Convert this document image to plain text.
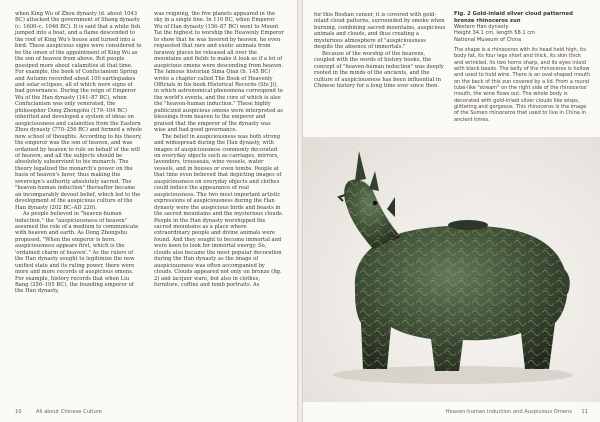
when King Wu of Zhou dynasty (d. about 1043 BC) attacked the government of Shang dynasty (c. 1600–c. 1046 BC). It is said that a white fish jumped into a boat, and a flame descended to the roof of King Wu's house and turned into a bird. These auspicious signs were considered to be the omen of the appointment of King Wu as the son of heaven from above. But people gossiped more about calamities at that time. For example, the book of Confucianism Spring and Autumn recorded about 100 earthquakes and solar eclipses, all of which were signs of bad governance. During the reign of Emperor Wu of the Han dynasty (141–87 BC), when Confucianism was only venerated, the philosopher Dong Zhongshu (179–104 BC) inherited and developed a system of ideas on auspiciousness and calamities from the Eastern Zhou dynasty (770–256 BC) and formed a whole new school of thoughts. According to his theory, the emperor was the son of heaven, and was ordained by heaven to rule on behalf of the will of heaven, and all the subjects should be absolutely subservient to his monarch. The theory legalized the monarch's power on the basis of heaven's favor, thus making the sovereign's authority absolutely sacred. The "heaven-human induction" thereafter became an incomparably devout belief, which led to the development of the auspicious culture of the Han dynasty (202 BC–AD 220).

As people believed in "heaven-human induction," the "auspiciousness of heaven" assumed the role of a medium to communicate with heaven and earth. As Dong Zhongshu proposed, "When the emperor is born, auspiciousness appears first, which is the 'ordained charm of heaven'." As the rulers of the Han dynasty sought to legitimize the new unified state and its ruling power, there were more and more records of auspicious omens. For example, history records that when Liu Bang (256–195 BC), the founding emperor of the Han dynasty,

was reigning, the five planets appeared in the sky in a single line. In 110 BC, when Emperor Wu of Han dynasty (156–87 BC) went to Mount Tai the highest to worship the Heavenly Emperor to show that he was favored by heaven, he even requested that rare and exotic animals from faraway places be released all over the mountains and fields to make it look as if a lot of auspicious omens were descending from heaven. The famous historian Sima Qian (b. 145 BC) wrote a chapter called The Book of Heavenly Officials in his book Historical Records (Shi Ji), in which astronomical phenomena correspond to the world's events, and the core of which is also the "heaven-human induction." These highly publicized auspicious omens were interpreted as blessings from heaven to the emperor and praised that the emperor of the dynasty was wise and had good governance.

The belief in auspiciousness was both strong and widespread during the Han dynasty, with images of auspiciousness commonly decorated on everyday objects such as carriages, mirrors, lavenders, trousseau, wine vessels, water vessels, and in houses or even tombs. People at that time even believed that depicting images of auspiciousness on everyday objects and clothes could induce the appearance of real auspiciousness. The two most important artistic expressions of auspiciousness during the Han dynasty were the auspicious birds and beasts in the sacred mountains and the mysterious clouds. People in the Han dynasty worshipped the sacred mountains as a place where extraordinary people and divine animals were found. And they sought to become immortal and were keen to look for immortal energy. So, clouds also became the most popular decoration during the Han dynasty as the image of auspiciousness was often accompanied by clouds. Clouds appeared not only on bronze (fig. 2) and lacquer ware, but also in clothes, furniture, coffins and tomb portraits. As

10	All about Chinese Culture

for this Boshan censer, it is covered with gold-inlaid cloud patterns, surrounded by smoke when burning, combining sacred mountains, auspicious animals and clouds, and thus creating a mysterious atmosphere of "auspiciousness despite the absence of immortals."

Because of the worship of the heavens, coupled with the words of history books, the concept of "heaven-human induction" was deeply rooted in the minds of the ancients, and the culture of auspiciousness has been influential in Chinese history for a long time ever since then.

Fig. 2 Gold-inlaid silver cloud patterned bronze rhinoceros zun
Western Han dynasty
Height 34.1 cm, length 58.1 cm
National Museum of China
The shape is a rhinoceros with its head held high, its body fat, its four legs short and thick, its skin thick and wrinkled, its two horns sharp, and its eyes inlaid with black beads. The belly of the rhinoceros is hollow and used to hold wine. There is an oval-shaped mouth on the back of this zun covered by a lid. From a round tube-like "stream" on the right side of the rhinoceros' mouth, the wine flows out. The whole body is decorated with gold-inlaid silver clouds like wisps, glittering and gorgeous. This rhinoceros is the image of the Sumen rhinoceros that used to live in China in ancient times.
Heaven-human Induction and Auspicious Omens 11
